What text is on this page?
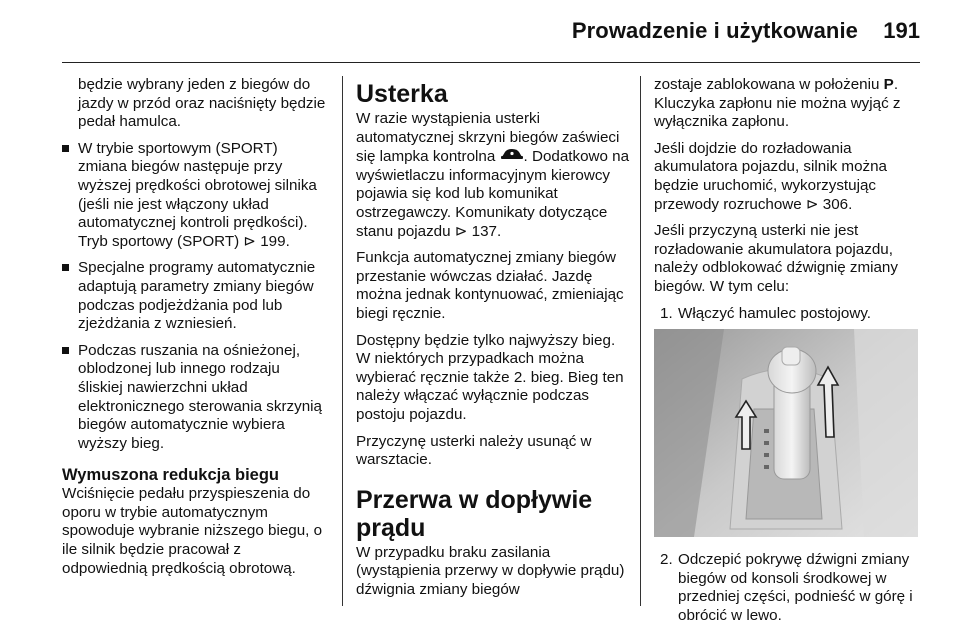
Prowadzenie i użytkowanie 191

będzie wybrany jeden z biegów do jazdy w przód oraz naciśnięty będzie pedał hamulca.

W trybie sportowym (SPORT) zmiana biegów następuje przy wyższej prędkości obrotowej silnika (jeśli nie jest włączony układ automatycznej kontroli prędkości). Tryb sportowy (SPORT) ⊳ 199.
Specjalne programy automatycznie adaptują parametry zmiany biegów podczas podjeżdżania pod lub zjeżdżania z wzniesień.
Podczas ruszania na ośnieżonej, oblodzonej lub innego rodzaju śliskiej nawierzchni układ elektronicznego sterowania skrzynią biegów automatycznie wybiera wyższy bieg.
Wymuszona redukcja biegu

Wciśnięcie pedału przyspieszenia do oporu w trybie automatycznym spowoduje wybranie niższego biegu, o ile silnik będzie pracował z odpowiednią prędkością obrotową.

Usterka

W razie wystąpienia usterki automatycznej skrzyni biegów zaświeci się lampka kontrolna . Dodatkowo na wyświetlaczu informacyjnym kierowcy pojawia się kod lub komunikat ostrzegawczy. Komunikaty dotyczące stanu pojazdu ⊳ 137.

Funkcja automatycznej zmiany biegów przestanie wówczas działać. Jazdę można jednak kontynuować, zmieniając biegi ręcznie.

Dostępny będzie tylko najwyższy bieg. W niektórych przypadkach można wybierać ręcznie także 2. bieg. Bieg ten należy włączać wyłącznie podczas postoju pojazdu.

Przyczynę usterki należy usunąć w warsztacie.

Przerwa w dopływie prądu

W przypadku braku zasilania (wystąpienia przerwy w dopływie prądu) dźwignia zmiany biegów

zostaje zablokowana w położeniu P. Kluczyka zapłonu nie można wyjąć z wyłącznika zapłonu.

Jeśli dojdzie do rozładowania akumulatora pojazdu, silnik można będzie uruchomić, wykorzystując przewody rozruchowe ⊳ 306.

Jeśli przyczyną usterki nie jest rozładowanie akumulatora pojazdu, należy odblokować dźwignię zmiany biegów. W tym celu:

1. Włączyć hamulec postojowy.
2. Odczepić pokrywę dźwigni zmiany biegów od konsoli środkowej w przedniej części, podnieść w górę i obrócić w lewo.
